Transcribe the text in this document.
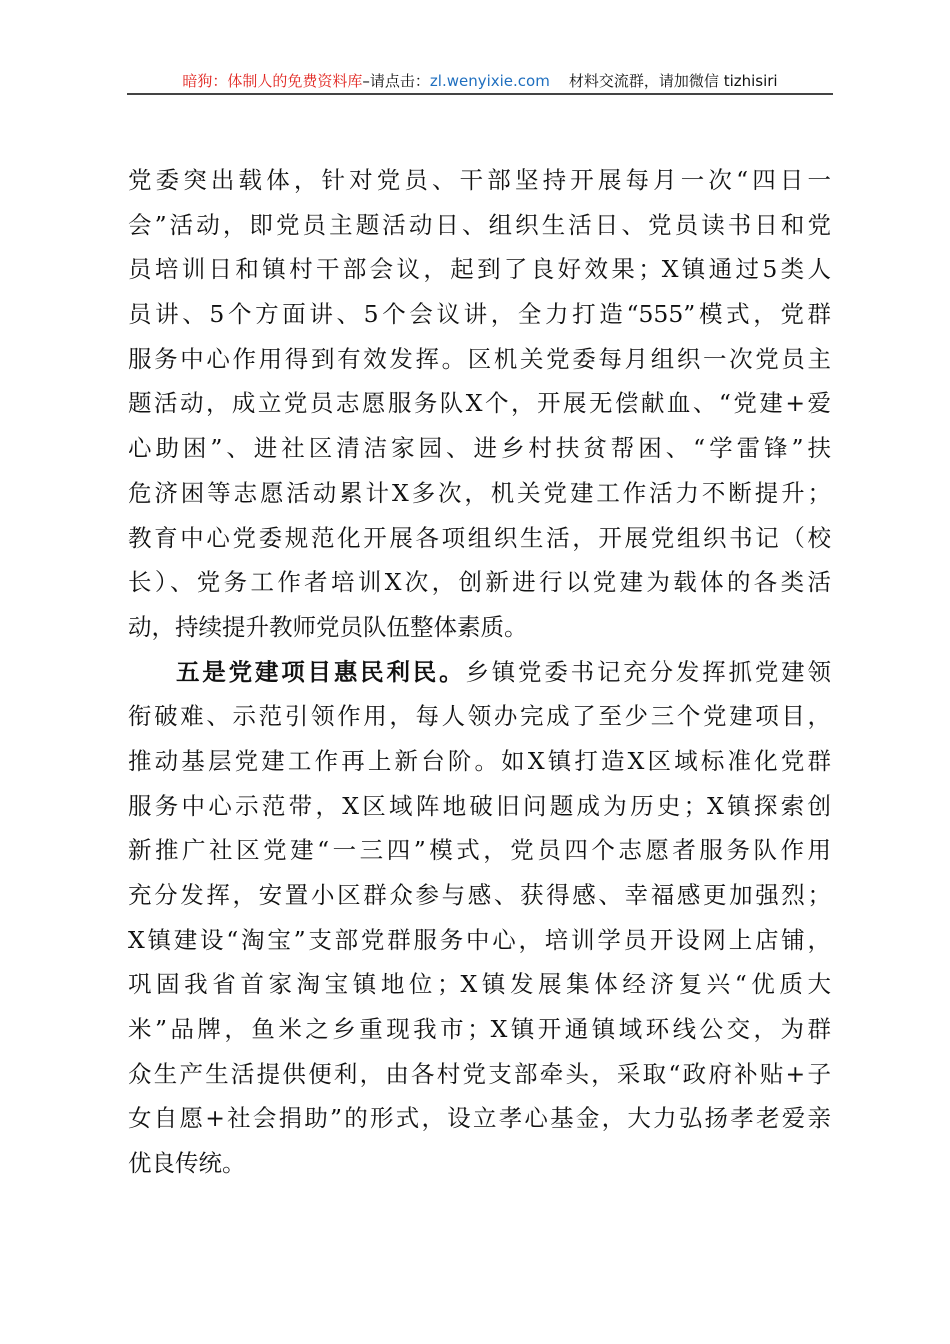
暗狗：体制人的免费资料库–请点击：zl.wenyixie.com 材料交流群，请加微信 tizhisiri
党委突出载体，针对党员、干部坚持开展每月一次“四日一
会”活动，即党员主题活动日、组织生活日、党员读书日和党
员培训日和镇村干部会议，起到了良好效果；X镇通过5类人
员讲、5个方面讲、5个会议讲，全力打造“555”模式，党群
服务中心作用得到有效发挥。区机关党委每月组织一次党员主
题活动，成立党员志愿服务队X个，开展无偿献血、“党建+爱
心助困”、进社区清洁家园、进乡村扶贫帮困、“学雷锋”扶
危济困等志愿活动累计X多次，机关党建工作活力不断提升；
教育中心党委规范化开展各项组织生活，开展党组织书记（校
长）、党务工作者培训X次，创新进行以党建为载体的各类活
动，持续提升教师党员队伍整体素质。
五是党建项目惠民利民。乡镇党委书记充分发挥抓党建领
衔破难、示范引领作用，每人领办完成了至少三个党建项目，
推动基层党建工作再上新台阶。如X镇打造X区域标准化党群
服务中心示范带，X区域阵地破旧问题成为历史；X镇探索创
新推广社区党建“一三四”模式，党员四个志愿者服务队作用
充分发挥，安置小区群众参与感、获得感、幸福感更加强烈；
X镇建设“淘宝”支部党群服务中心，培训学员开设网上店铺，
巩固我省首家淘宝镇地位；X镇发展集体经济复兴“优质大
米”品牌，鱼米之乡重现我市；X镇开通镇域环线公交，为群
众生产生活提供便利，由各村党支部牵头，采取“政府补贴+子
女自愿+社会捐助”的形式，设立孝心基金，大力弘扬孝老爱亲
优良传统。
